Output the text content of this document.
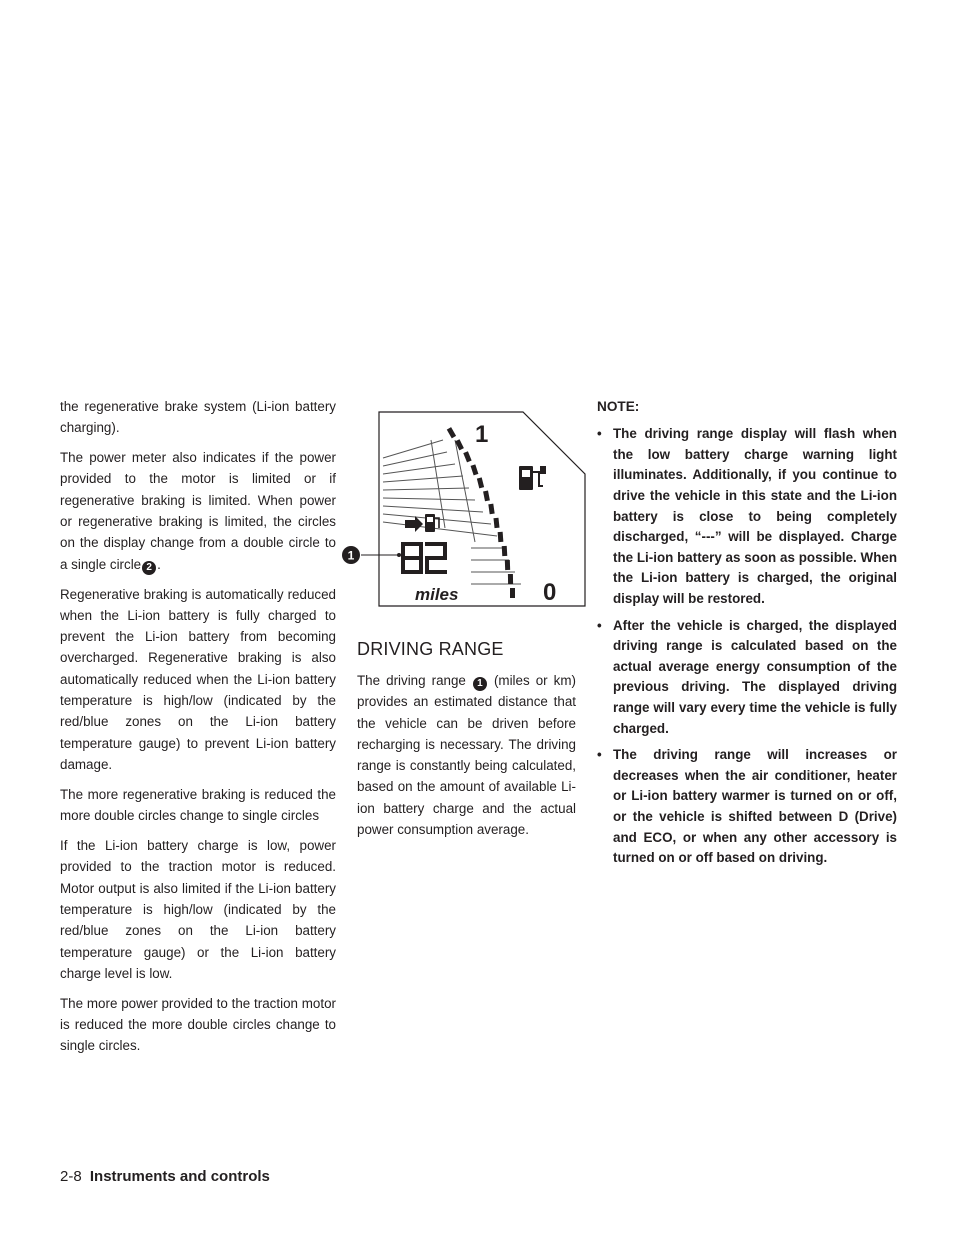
the regenerative brake system (Li-ion battery charging).

The power meter also indicates if the power provided to the motor is limited or if regenerative braking is limited. When power or regenerative braking is limited, the circles on the display change from a double circle to a single circle 2 .

Regenerative braking is automatically reduced when the Li-ion battery is fully charged to prevent the Li-ion battery from becoming overcharged. Regenerative braking is also automatically reduced when the Li-ion battery temperature is high/low (indicated by the red/blue zones on the Li-ion battery temperature gauge) to prevent Li-ion battery damage.

The more regenerative braking is reduced the more double circles change to single circles

If the Li-ion battery charge is low, power provided to the traction motor is reduced. Motor output is also limited if the Li-ion battery temperature is high/low (indicated by the red/blue zones on the Li-ion battery temperature gauge) or the Li-ion battery charge level is low.

The more power provided to the traction motor is reduced the more double circles change to single circles.

1
0
miles
1
DRIVING RANGE

The driving range 1 (miles or km) provides an estimated distance that the vehicle can be driven before recharging is necessary. The driving range is constantly being calculated, based on the amount of available Li-ion battery charge and the actual power consumption average.

NOTE:
• The driving range display will flash when the low battery charge warning light illuminates. Additionally, if you continue to drive the vehicle in this state and the Li-ion battery is close to being completely discharged, “---” will be displayed. Charge the Li-ion battery as soon as possible. When the Li-ion battery is charged, the original display will be restored.
• After the vehicle is charged, the displayed driving range is calculated based on the actual average energy consumption of the previous driving. The displayed driving range will vary every time the vehicle is fully charged.
• The driving range will increases or decreases when the air conditioner, heater or Li-ion battery warmer is turned on or off, or the vehicle is shifted between D (Drive) and ECO, or when any other accessory is turned on or off based on driving.
2-8 Instruments and controls
